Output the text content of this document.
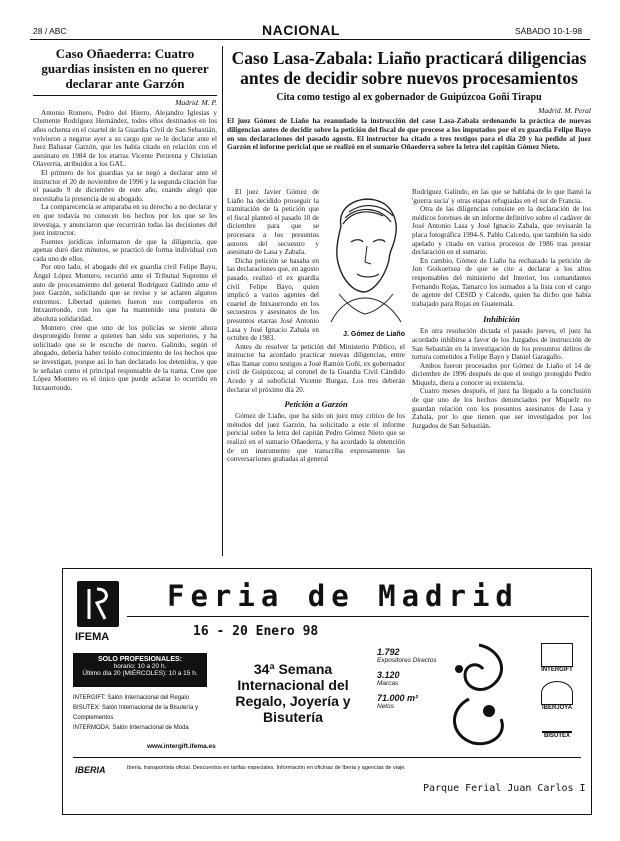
28 / ABC	NACIONAL	SÁBADO 10-1-98
Caso Oñaederra: Cuatro guardias insisten en no querer declarar ante Garzón
Madrid. M. P.
Antonio Romero, Pedro del Hierro, Alejandro Iglesias y Clemente Rodríguez Hernández, todos ellos destinados en los años ochenta en el cuartel de la Guardia Civil de San Sebastián, volvieron a negarse ayer a su cargo que se le declarar ante el Juez Baltasar Garzón, que les había citado en relación con el asesinato en 1984 de los etarras Vicente Perurena y Christian Olaverria, atribuidos a los GAL.
El primero de los guardias ya se negó a declarar ante el instructor el 20 de noviembre de 1996 y la segunda citación fue el pasado 9 de diciembre de este año, cuando alegó que necesitaba la presencia de su abogado.
La comparecencia se amparaba en su derecho a no declarar y en que todavía no conocen los hechos por los que se les investiga, y anunciaron que recurrirán todas las decisiones del juez instructor.
Fuentes jurídicas informaron de que la diligencia, que apenas duró diez minutos, se practicó de forma individual con cada uno de ellos.
Por otro lado, el abogado del ex guardia civil Felipe Bayo, Ángel López Montero, recurrió ante el Tribunal Supremo el auto de procesamiento del general Rodríguez Galindo ante el juez Garzón, solicitando que se revise y se aclaren algunos extremos. Libertad quienes fueron sus compañeros en Intxaurrondo, con los que ha mantenido una postura de absoluta solidaridad.
Montero cree que uno de los policías se siente ahora desprotegido frente a quienes han sido sus superiores, y ha solicitado que se le escuche de nuevo. Galindo, según el abogado, debería haber tenido conocimiento de los hechos que se investigan, porque así lo han declarado los detenidos, y que le señalan como el principal responsable de la trama. Cree que López Montero es el único que puede aclarar lo ocurrido en Intxaurrondo.
Caso Lasa-Zabala: Liaño practicará diligencias antes de decidir sobre nuevos procesamientos
Cita como testigo al ex gobernador de Guipúzcoa Goñi Tirapu
Madrid. M. Peral
El juez Gómez de Liaño ha reanudado la instrucción del caso Lasa-Zabala ordenando la práctica de nuevas diligencias antes de decidir sobre la petición del fiscal de que procese a los imputados por el ex guardia Felipe Bayo en sus declaraciones del pasado agosto. El instructor ha citado a tres testigos para el día 20 y ha pedido al juez Garzón el informe pericial que se realizó en el sumario Oñaederra sobre la letra del capitán Gómez Nieto.
J. Gómez de Liaño
El juez Javier Gómez de Liaño ha decidido proseguir la tramitación de la petición que el fiscal planteó el pasado 10 de diciembre para que se procesara a los presuntos autores del secuestro y asesinato de Lasa y Zabala.
Dicha petición se basaba en las declaraciones que, en agosto pasado, realizó el ex guardia civil Felipe Bayo, quien implicó a varios agentes del cuartel de Intxaurrondo en los secuestros y asesinatos de los presuntos etarras José Antonio Lasa y José Ignacio Zabala en octubre de 1983.
Antes de resolver la petición del Ministerio Público, el instructor ha acordado practicar nuevas diligencias, entre ellas llamar como testigos a José Ramón Goñi, ex gobernador civil de Guipúzcoa; al coronel de la Guardia Civil Cándido Acedo y al suboficial Vicente Burgaz. Los tres deberán declarar el próximo día 20.
Petición a Garzón
Gómez de Liaño, que ha sido un juez muy crítico de los métodos del juez Garzón, ha solicitado a este el informe pericial sobre la letra del capitán Pedro Gómez Nieto que se realizó en el sumario Oñaederra, y ha acordado la obtención de un instrumento que transcriba expresamente las conversaciones grabadas al general
Rodríguez Galindo, en las que se hablaba de lo que llamó la 'guerra sucia' y otras etapas refugiadas en el sur de Francia.
Otra de las diligencias consiste en la declaración de los médicos forenses de un informe definitivo sobre el cadáver de José Antonio Lasa y José Ignacio Zabala, que revisarán la placa fotográfica 1994-S. Pablo Calcedo, que también ha sido apelado y citado en varios procesos de 1986 tras prestar declaración en el sumario.
En cambio, Gómez de Liaño ha rechazado la petición de Jon Goikoetxea de que se cite a declarar a los altos responsables del ministerio del Interior, los comandantes Fernando Rojas, Tamarco los sumados a la lista con el cargo de agente del CESID y Calcedo, quien ha dicho que había trabajado para Rojas en Guatemala.
Inhibición
En otra resolución dictada el pasado jueves, el juez ha acordado inhibirse a favor de los Juzgados de instrucción de San Sebastián en la investigación de los presuntos delitos de tortura cometidos a Felipe Bayo y Daniel Garagallo.
Ambos fueron procesados por Gómez de Liaño el 14 de diciembre de 1996 después de que el testigo protegido Pedro Miquelz, diera a conocer su existencia.
Cuatro meses después, el juez ha llegado a la conclusión de que uno de los hechos denunciados por Miquelz no guardan relación con los presuntos asesinatos de Lasa y Zabala, por lo que tienen que ser investigados por los Juzgados de San Sebastián.
IFEMA
Feria de Madrid
16 - 20 Enero 98
SOLO PROFESIONALES:
horario: 10 a 20 h.
Último día 20 (MIÉRCOLES): 10 a 15 h.
INTERGIFT: Salón Internacional del Regalo
BISUTEX: Salón Internacional de la Bisutería y Complementos
INTERMODA: Salón Internacional de Moda
www.intergift.ifema.es
34ª Semana
Internacional del
Regalo, Joyería y
Bisutería
1.792
Expositores Directos
3.120
Marcas
71.000 m²
Netos
INTERGIFT
IBERJOYA
BISUTEX
IBERIA	Iberia, transportista oficial. Descuentos en tarifas especiales. Información en oficinas de Iberia y agencias de viaje.
Parque Ferial Juan Carlos I
